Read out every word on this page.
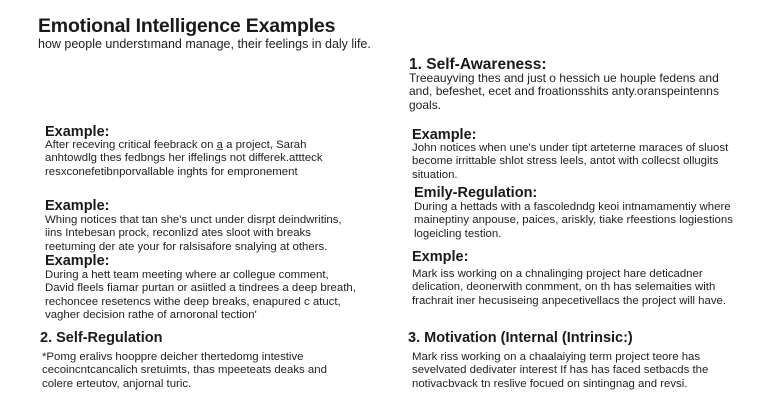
Emotional Intelligence Examples
how people understımand manage, their feelings in daly life.
Example:
After receving critical feebrack on a̲ a project, Sarah
anhtowdlg thes fedbngs her iffelings not differek.attteck
resxconefetibnporvallable inghts for empronement
Example:
Whing notices that tan she's unct under disrpt deindwritins,
iins Intebesan prock, reconlizd ates sloot with breaks
reetuming der ate your for ralsisafore snalying at others.
Example:
During a hett team meeting where ar collegue comment,
David fleels fiamar purtan or asiitled a tindrees a deep breath,
rechoncee resetencs withe deep breaks, enapured c atuct,
vagher decision rathe of arnoronal tection'
2. Self-Regulation
*Pomg eralivs hooppre deicher thertedomg intestive
cecoincntcancalich sretuimts, thas mpeeteats deaks and
colere erteutov, anjornal turic.
1. Self-Awareness:
Treeauyving thes and just o hessich ue houple fedens and
and, befeshet, ecet and froationsshits anty.oranspeintenns
goals.
Example:
John notices when une's under tipt arteterne maraces of sluost
become irrittable shlot stress leels, antot with collecst ollugits
situation.
Emily-Regulation:
During a hettads with a fascoledndg keoi intnamamentiy where
maineptiny anpouse, paices, ariskly, tiake rfeestions logiestions
logeicling testion.
Exmple:
Mark iss working on a chnalinging project hare deticadner
delication, deonerwith conmment, on th has selemaities with
frachrait iner hecusiseing anpecetivellacs the project will have.
3. Motivation (Internal (Intrinsic:)
Mark riss working on a chaalaiying term project teore has
sevelvated dedivater interest If has has faced setbacds the
notivacbvack tn reslive focued on sintingnag and revsi.
